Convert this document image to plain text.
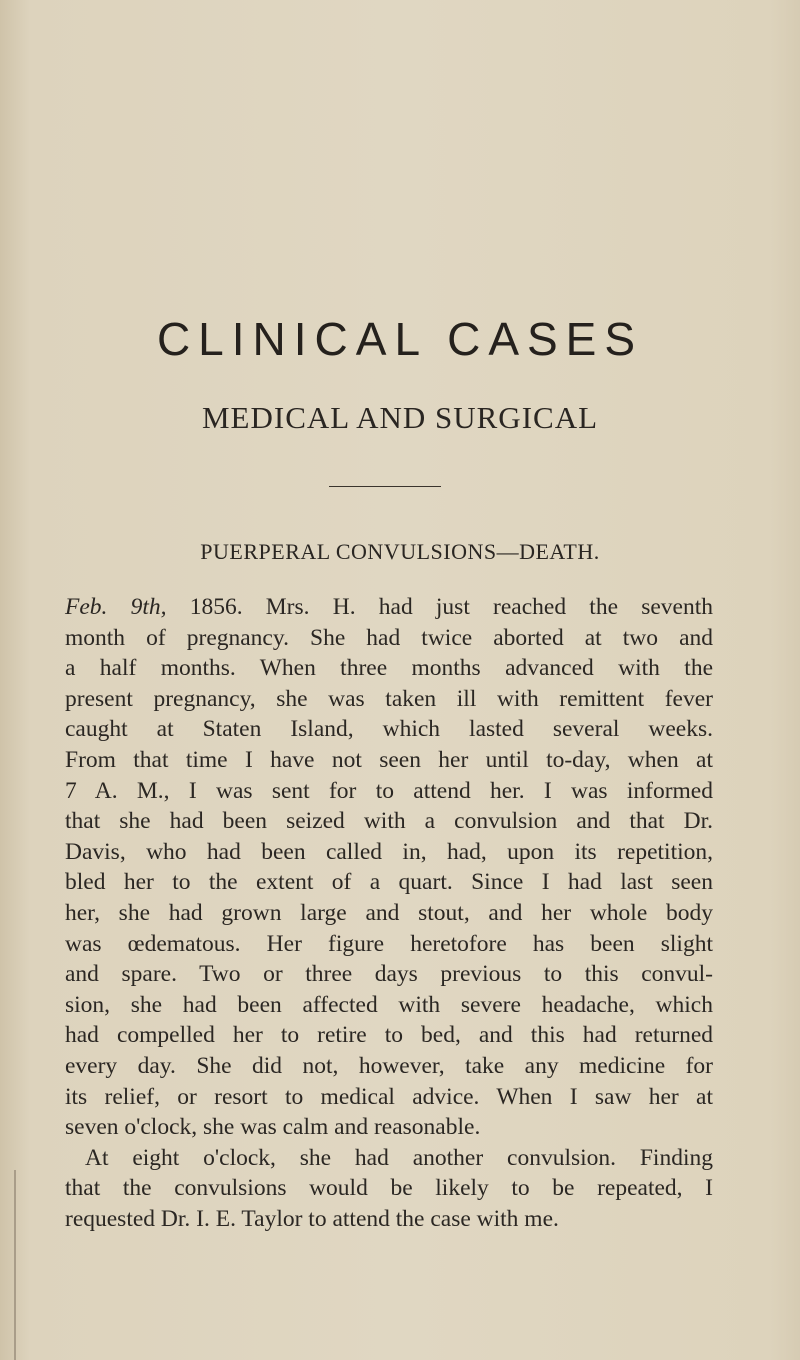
CLINICAL CASES
MEDICAL AND SURGICAL
PUERPERAL CONVULSIONS—DEATH.
Feb. 9th, 1856. Mrs. H. had just reached the seventh
month of pregnancy. She had twice aborted at two and
a half months. When three months advanced with the
present pregnancy, she was taken ill with remittent fever
caught at Staten Island, which lasted several weeks.
From that time I have not seen her until to-day, when at
7 A. M., I was sent for to attend her. I was informed
that she had been seized with a convulsion and that Dr.
Davis, who had been called in, had, upon its repetition,
bled her to the extent of a quart. Since I had last seen
her, she had grown large and stout, and her whole body
was œdematous. Her figure heretofore has been slight
and spare. Two or three days previous to this convul-
sion, she had been affected with severe headache, which
had compelled her to retire to bed, and this had returned
every day. She did not, however, take any medicine for
its relief, or resort to medical advice. When I saw her at
seven o'clock, she was calm and reasonable.
At eight o'clock, she had another convulsion. Finding
that the convulsions would be likely to be repeated, I
requested Dr. I. E. Taylor to attend the case with me.
